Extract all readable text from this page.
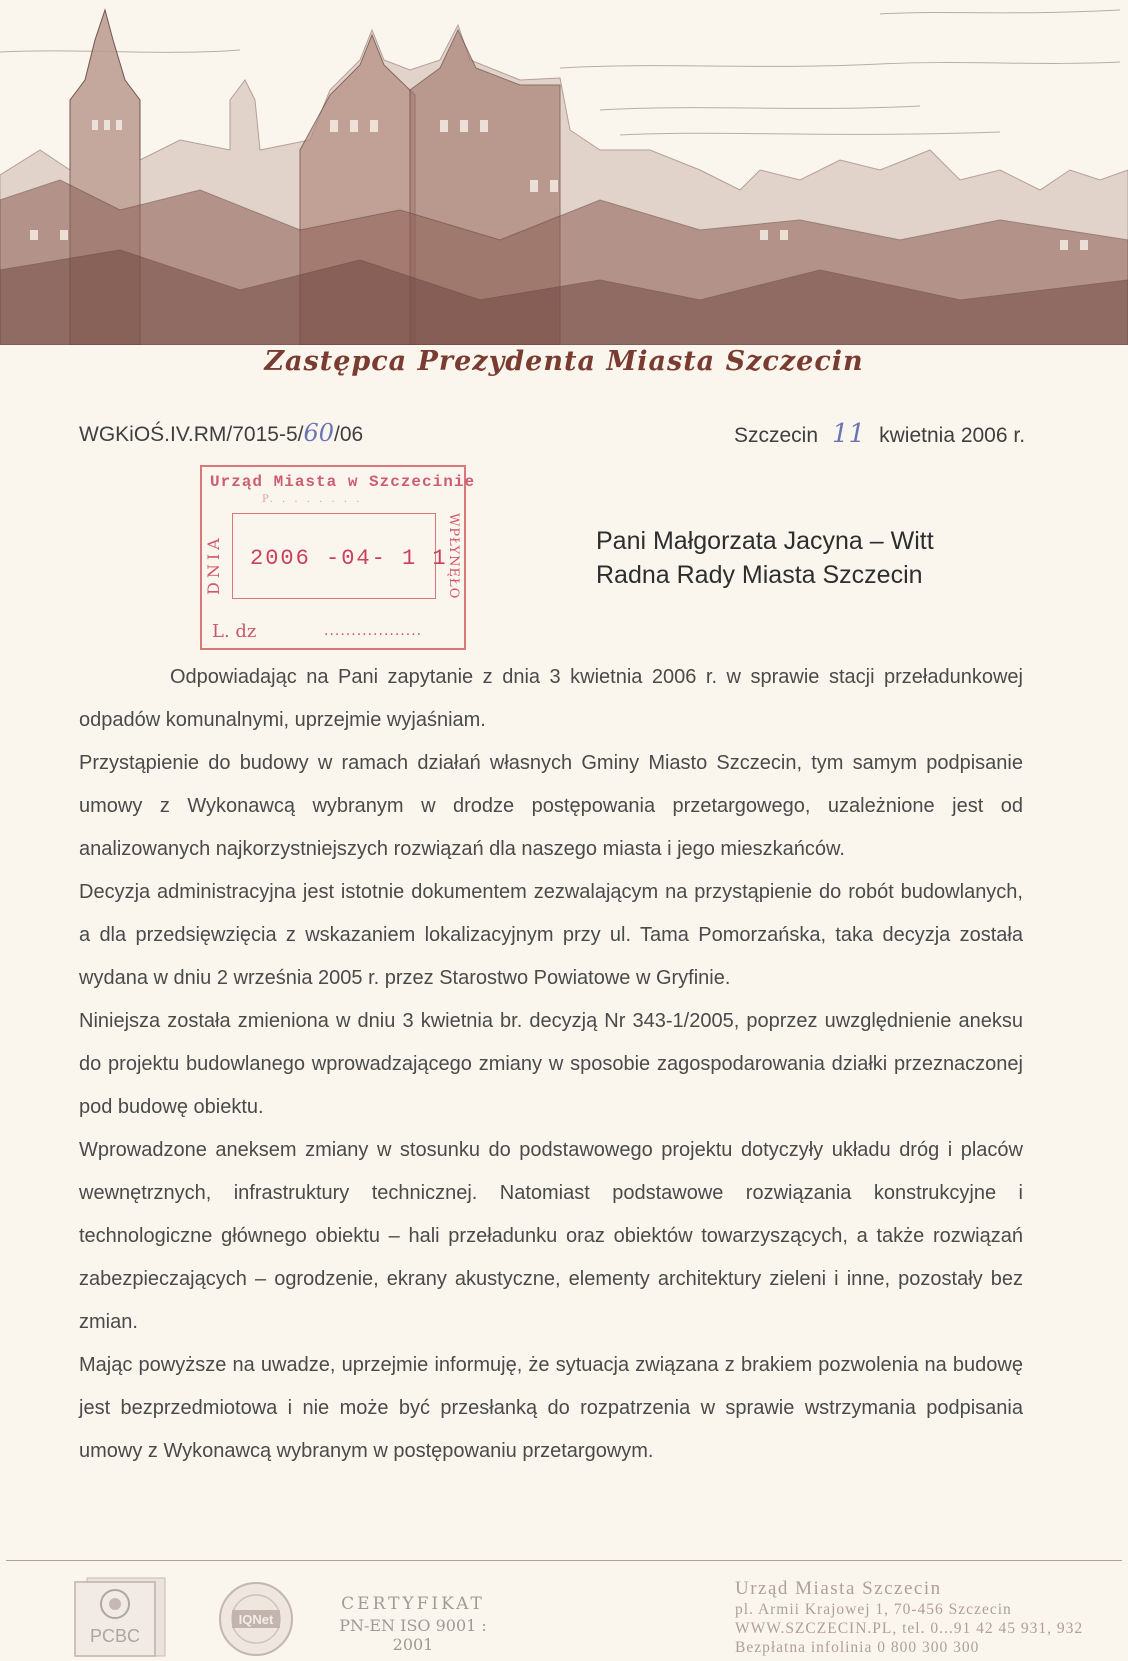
Zastępca Prezydenta Miasta Szczecin
WGKiOŚ.IV.RM/7015-5/60/06	Szczecin 11 kwietnia 2006 r.
Urząd Miasta w Szczecinie
P. . . . . . . .
DNIA	WPŁYNĘŁO
2006 -04- 1 1
L. dz	..................
Pani Małgorzata Jacyna – Witt
Radna Rady Miasta Szczecin

Odpowiadając na Pani zapytanie z dnia 3 kwietnia 2006 r. w sprawie stacji przeładunkowej odpadów komunalnymi, uprzejmie wyjaśniam.

Przystąpienie do budowy w ramach działań własnych Gminy Miasto Szczecin, tym samym podpisanie umowy z Wykonawcą wybranym w drodze postępowania przetargowego, uzależnione jest od analizowanych najkorzystniejszych rozwiązań dla naszego miasta i jego mieszkańców.

Decyzja administracyjna jest istotnie dokumentem zezwalającym na przystąpienie do robót budowlanych, a dla przedsięwzięcia z wskazaniem lokalizacyjnym przy ul. Tama Pomorzańska, taka decyzja została wydana w dniu 2 września 2005 r. przez Starostwo Powiatowe w Gryfinie.

Niniejsza została zmieniona w dniu 3 kwietnia br. decyzją Nr 343-1/2005, poprzez uwzględnienie aneksu do projektu budowlanego wprowadzającego zmiany w sposobie zagospodarowania działki przeznaczonej pod budowę obiektu.

Wprowadzone aneksem zmiany w stosunku do podstawowego projektu dotyczyły układu dróg i placów wewnętrznych, infrastruktury technicznej. Natomiast podstawowe rozwiązania konstrukcyjne i technologiczne głównego obiektu – hali przeładunku oraz obiektów towarzyszących, a także rozwiązań zabezpieczających – ogrodzenie, ekrany akustyczne, elementy architektury zieleni i inne, pozostały bez zmian.

Mając powyższe na uwadze, uprzejmie informuję, że sytuacja związana z brakiem pozwolenia na budowę jest bezprzedmiotowa i nie może być przesłanką do rozpatrzenia w sprawie wstrzymania podpisania umowy z Wykonawcą wybranym w postępowaniu przetargowym.

PCBC
IQNet
CERTYFIKAT
PN-EN ISO 9001 : 2001
Urząd Miasta Szczecin
pl. Armii Krajowej 1, 70-456 Szczecin
WWW.SZCZECIN.PL, tel. 0...91 42 45 931, 932
Bezpłatna infolinia 0 800 300 300
